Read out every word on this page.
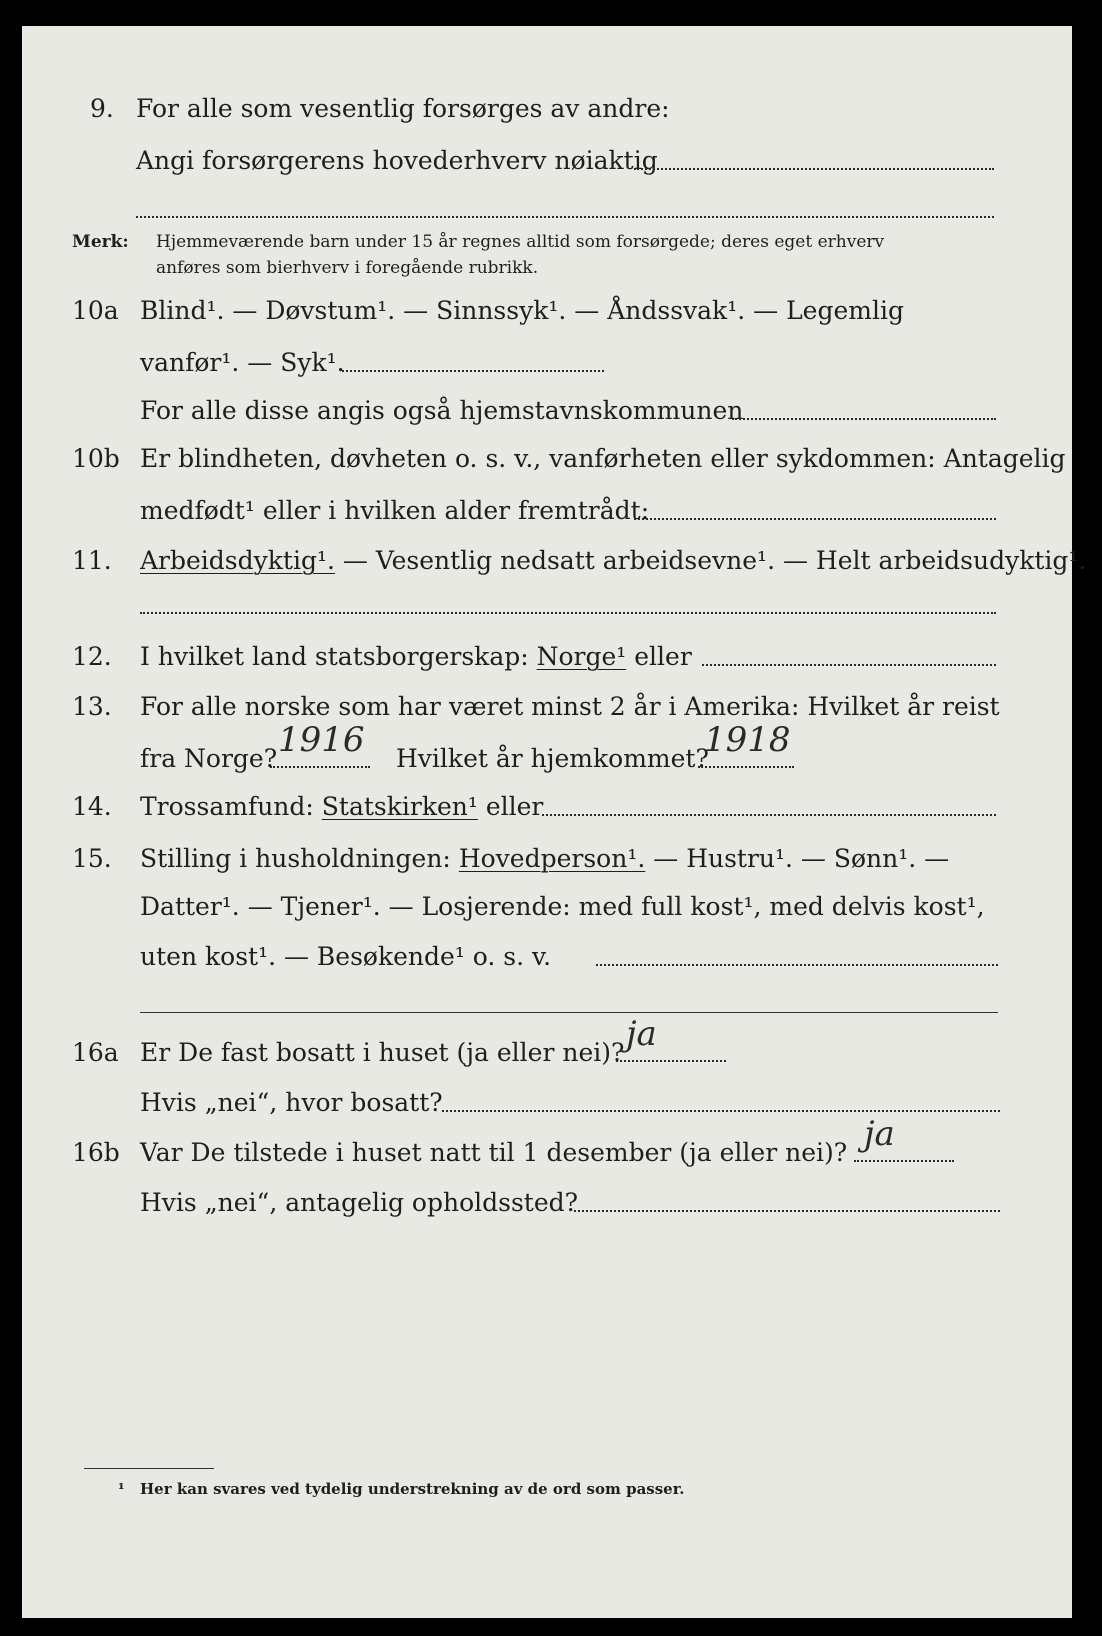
9. For alle som vesentlig forsørges av andre:
Angi forsørgerens hovederhverv nøiaktig
Merk: Hjemmeværende barn under 15 år regnes alltid som forsørgede; deres eget erhverv
anføres som bierhverv i foregående rubrikk.
10a Blind¹. — Døvstum¹. — Sinnssyk¹. — Åndssvak¹. — Legemlig
vanfør¹. — Syk¹.
For alle disse angis også hjemstavnskommunen
10b Er blindheten, døvheten o. s. v., vanførheten eller sykdommen: Antagelig
medfødt¹ eller i hvilken alder fremtrådt:
11. Arbeidsdyktig¹. — Vesentlig nedsatt arbeidsevne¹. — Helt arbeidsudyktig¹.
12. I hvilket land statsborgerskap: Norge¹ eller
13. For alle norske som har været minst 2 år i Amerika: Hvilket år reist
fra Norge?	Hvilket år hjemkommet?
1916	1918
14. Trossamfund: Statskirken¹ eller
15. Stilling i husholdningen: Hovedperson¹. — Hustru¹. — Sønn¹. —
Datter¹. — Tjener¹. — Losjerende: med full kost¹, med delvis kost¹,
uten kost¹. — Besøkende¹ o. s. v.
16a Er De fast bosatt i huset (ja eller nei)? ja
Hvis „nei“, hvor bosatt?
16b Var De tilstede i huset natt til 1 desember (ja eller nei)? ja
Hvis „nei“, antagelig opholdssted?
¹ Her kan svares ved tydelig understrekning av de ord som passer.
